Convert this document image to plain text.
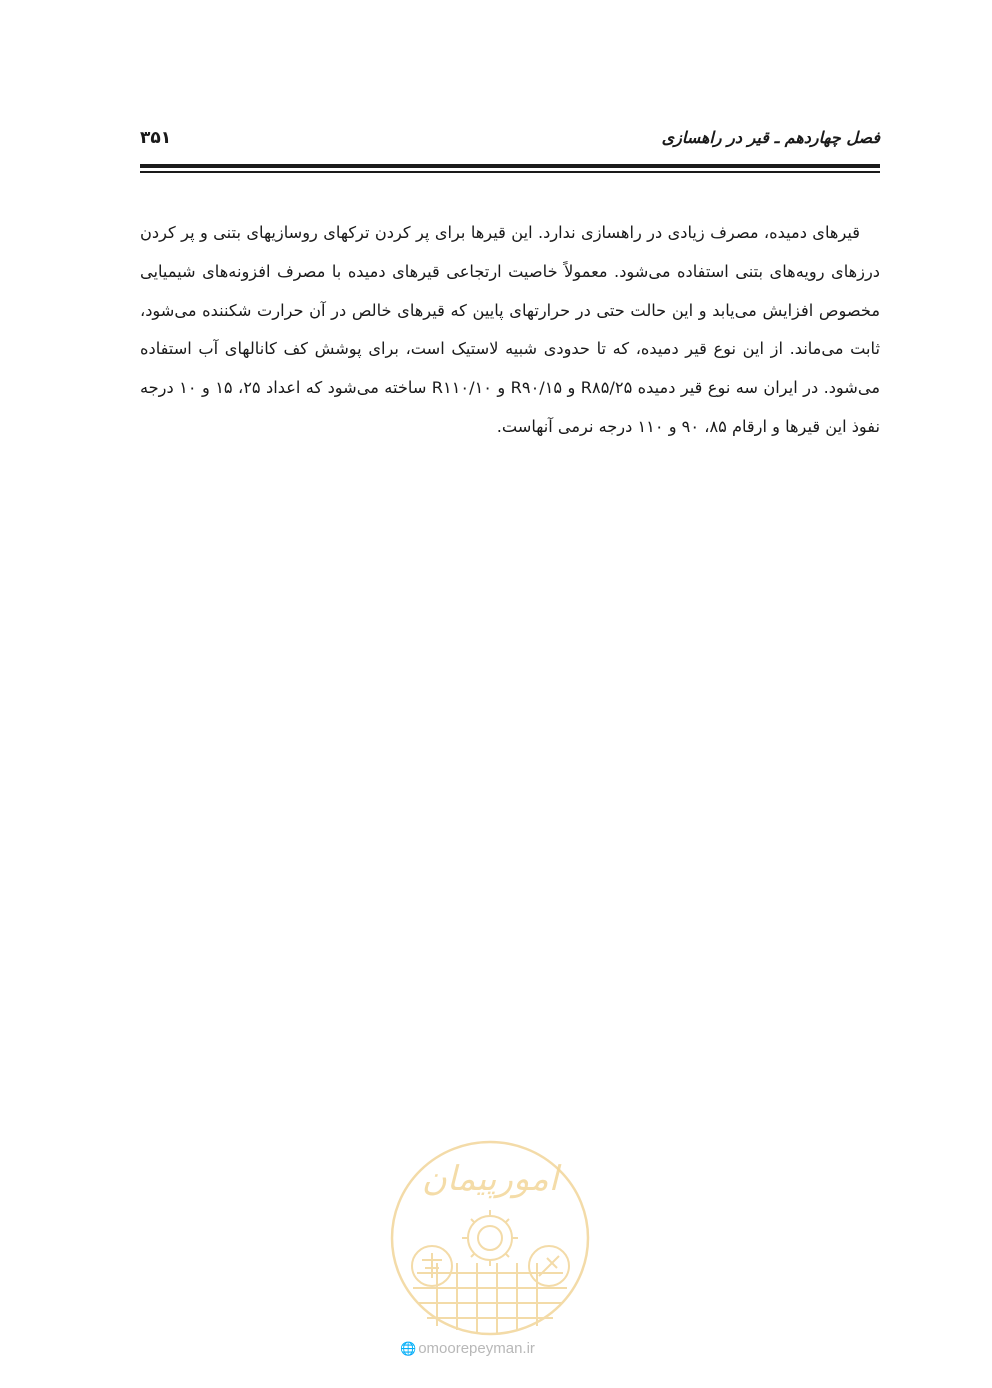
فصل چهاردهم ـ قیر در راهسازی
۳۵۱

قیرهای دمیده، مصرف زیادی در راهسازی ندارد. این قیرها برای پر کردن ترکهای روسازیهای بتنی و پر کردن درزهای رویه‌های بتنی استفاده می‌شود. معمولاً خاصیت ارتجاعی قیرهای دمیده با مصرف افزونه‌های شیمیایی مخصوص افزایش می‌یابد و این حالت حتی در حرارتهای پایین که قیرهای خالص در آن حرارت شکننده می‌شود، ثابت می‌ماند. از این نوع قیر دمیده، که تا حدودی شبیه لاستیک است، برای پوشش کف کانالهای آب استفاده می‌شود. در ایران سه نوع قیر دمیده R۸۵/۲۵ و R۹۰/۱۵ و R۱۱۰/۱۰ ساخته می‌شود که اعداد ۲۵، ۱۵ و ۱۰ درجه نفوذ این قیرها و ارقام ۸۵، ۹۰ و ۱۱۰ درجه نرمی آنهاست.

امورپیمان
🌐 omoorepeyman.ir
